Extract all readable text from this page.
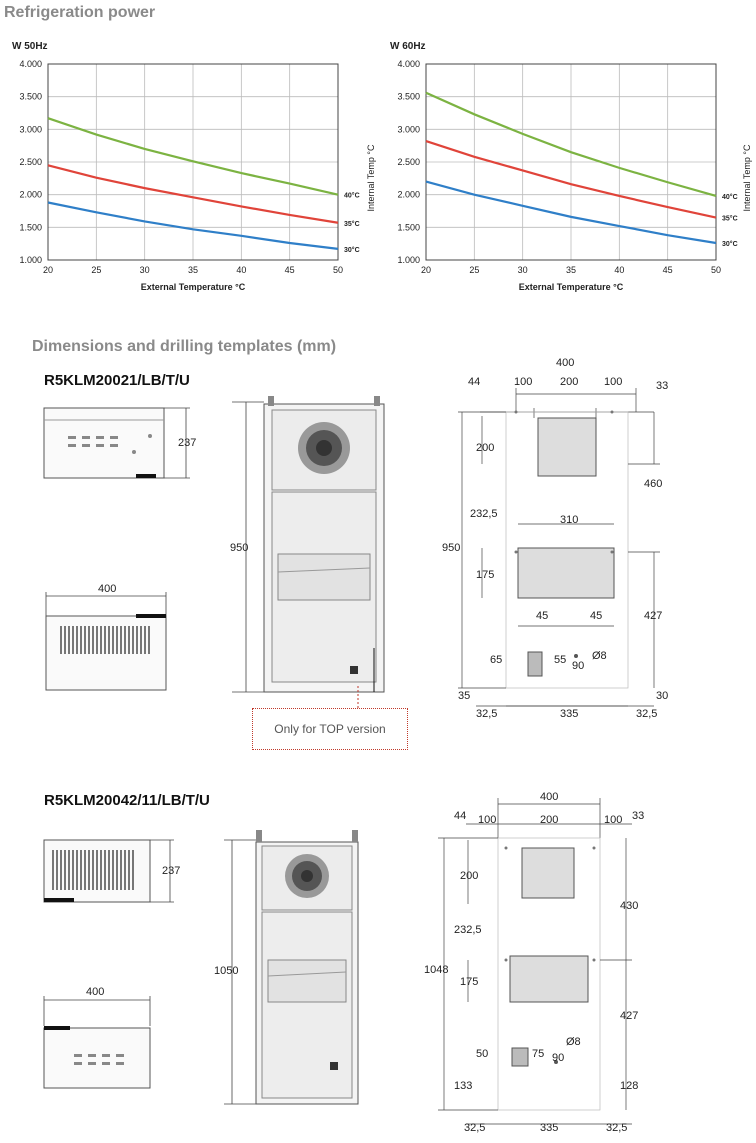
Refrigeration power
W 50Hz
1.000
1.500
2.000
2.500
3.000
3.500
4.000
20	25	30	35	40	45	50
External Temperature °C
40°C
35°C
30°C
Internal Temp °C
W 60Hz
1.000
1.500
2.000
2.500
3.000
3.500
4.000
20	25	30	35	40	45	50
External Temperature °C
40°C
35°C
30°C
Internal Temp °C
Dimensions and drilling templates (mm)
R5KLM20021/LB/T/U
237
400
950
Only for TOP version
400
44	100	200 100	33
200
232,5	310
175
950
460
427
45	45
65	55 90
Ø8
35	30
32,5	335	32,5
R5KLM20042/11/LB/T/U
237
400
1050
400
44 100	200	100 33
200
232,5
175
1048
430
427
50	75 90
Ø8
133	128
32,5	335	32,5
